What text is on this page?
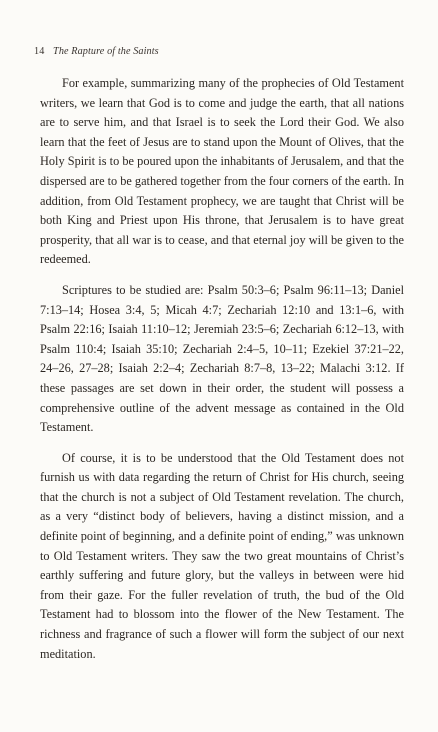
14 The Rapture of the Saints

For example, summarizing many of the prophecies of Old Testament writers, we learn that God is to come and judge the earth, that all nations are to serve him, and that Israel is to seek the Lord their God. We also learn that the feet of Jesus are to stand upon the Mount of Olives, that the Holy Spirit is to be poured upon the inhabitants of Jerusalem, and that the dispersed are to be gathered together from the four corners of the earth. In addition, from Old Testament prophecy, we are taught that Christ will be both King and Priest upon His throne, that Jerusalem is to have great prosperity, that all war is to cease, and that eternal joy will be given to the redeemed.

Scriptures to be studied are: Psalm 50:3–6; Psalm 96:11–13; Daniel 7:13–14; Hosea 3:4, 5; Micah 4:7; Zechariah 12:10 and 13:1–6, with Psalm 22:16; Isaiah 11:10–12; Jeremiah 23:5–6; Zechariah 6:12–13, with Psalm 110:4; Isaiah 35:10; Zechariah 2:4–5, 10–11; Ezekiel 37:21–22, 24–26, 27–28; Isaiah 2:2–4; Zechariah 8:7–8, 13–22; Malachi 3:12. If these passages are set down in their order, the student will possess a comprehensive outline of the advent message as contained in the Old Testament.

Of course, it is to be understood that the Old Testament does not furnish us with data regarding the return of Christ for His church, seeing that the church is not a subject of Old Testament revelation. The church, as a very “distinct body of believers, having a distinct mission, and a definite point of beginning, and a definite point of ending,” was unknown to Old Testament writers. They saw the two great mountains of Christ’s earthly suffering and future glory, but the valleys in between were hid from their gaze. For the fuller revelation of truth, the bud of the Old Testament had to blossom into the flower of the New Testament. The richness and fragrance of such a flower will form the subject of our next meditation.
